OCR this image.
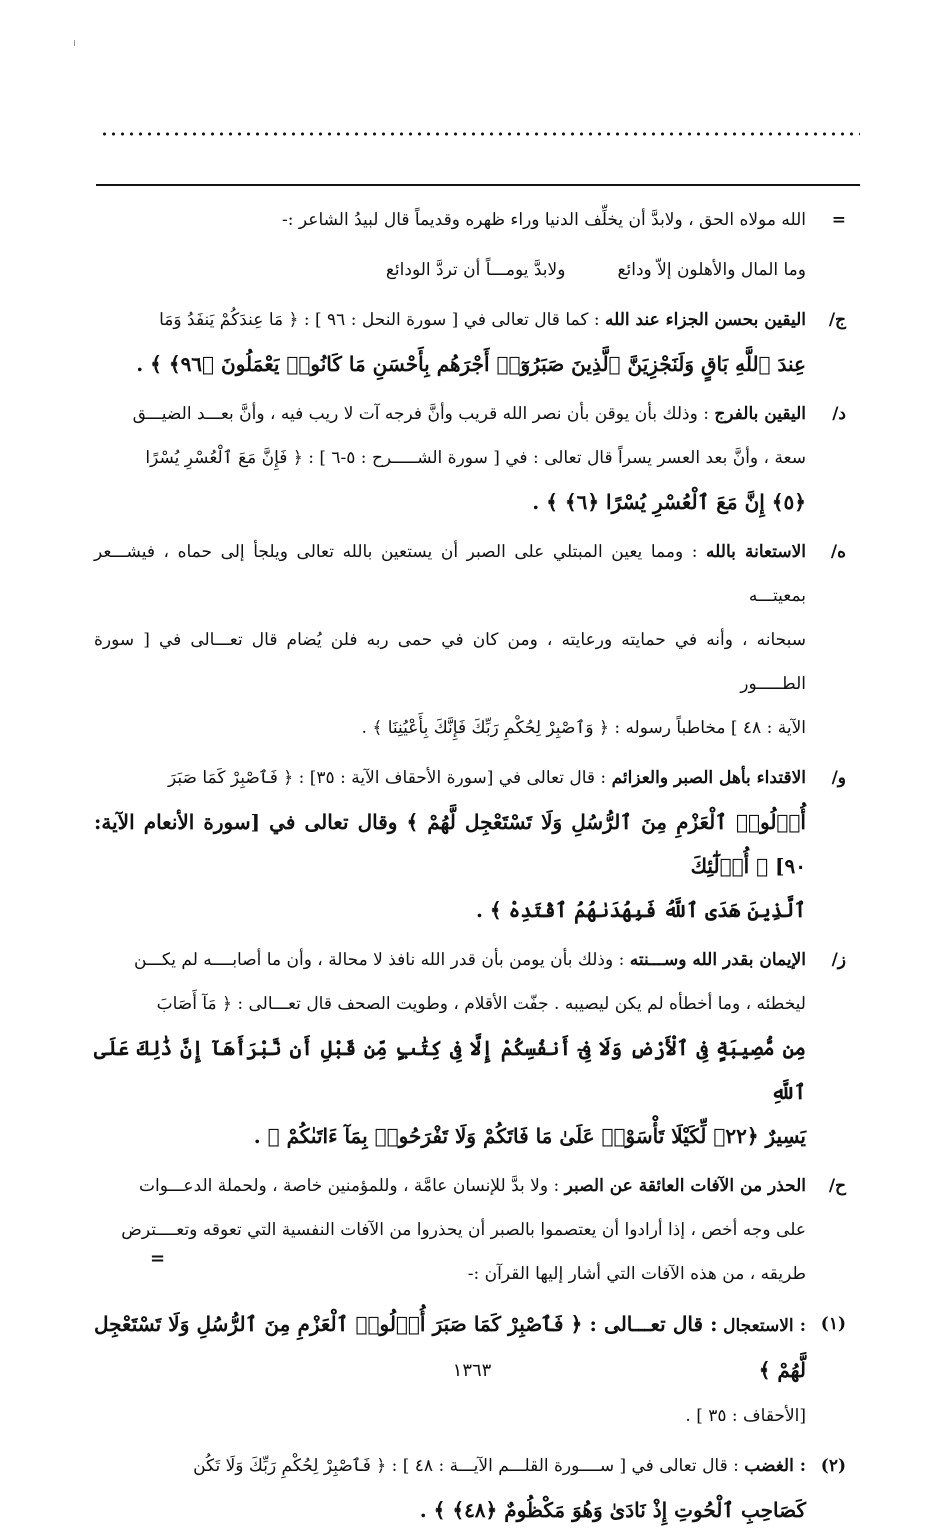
=
الله مولاه الحق ، ولابدَّ أن يخلِّف الدنيا وراء ظهره وقديماً قال لبيدُ الشاعر :-
وما المال والأهلون إلاّ ودائع
ولابدَّ يومـــاً أن تردَّ الودائع
ج/
اليقين بحسن الجزاء عند الله : كما قال تعالى في [ سورة النحل : ٩٦ ] : ﴿ مَا عِندَكُمْ يَنفَدُ وَمَا
عِندَ ٱللَّهِ بَاقٍ وَلَنَجْزِيَنَّ ٱلَّذِينَ صَبَرُوٓا۟ أَجْرَهُم بِأَحْسَنِ مَا كَانُوا۟ يَعْمَلُونَ ﴿٩٦﴾ ﴾ .
د/
اليقين بالفرج : وذلك بأن يوقن بأن نصر الله قريب وأنَّ فرجه آت لا ريب فيه ، وأنَّ بعـــد الضيـــق
سعة ، وأنَّ بعد العسر يسراً قال تعالى : في [ سورة الشـــــرح : ٥-٦ ] : ﴿ فَإِنَّ مَعَ ٱلْعُسْرِ يُسْرًا
﴿٥﴾ إِنَّ مَعَ ٱلْعُسْرِ يُسْرًا ﴿٦﴾ ﴾ .
ه/
الاستعانة بالله : ومما يعين المبتلي على الصبر أن يستعين بالله تعالى ويلجأ إلى حماه ، فيشـــعر بمعيتـــه
سبحانه ، وأنه في حمايته ورعايته ، ومن كان في حمى ربه فلن يُضام قال تعـــالى في [ سورة الطـــــور
الآية : ٤٨ ] مخاطباً رسوله : ﴿ وَٱصْبِرْ لِحُكْمِ رَبِّكَ فَإِنَّكَ بِأَعْيُنِنَا ﴾ .
و/
الاقتداء بأهل الصبر والعزائم : قال تعالى في [سورة الأحقاف الآية : ٣٥] : ﴿ فَٱصْبِرْ كَمَا صَبَرَ
أُو۟لُوا۟ ٱلْعَزْمِ مِنَ ٱلرُّسُلِ وَلَا تَسْتَعْجِل لَّهُمْ ﴾ وقال تعالى في [سورة الأنعام الآية: ٩٠] ﴿ أُو۟لَٰٓئِكَ
ٱلَّذِينَ هَدَى ٱللَّهُ فَبِهُدَىٰهُمُ ٱقْتَدِهْ ﴾ .
ز/
الإيمان بقدر الله وســـنته : وذلك بأن يومن بأن قدر الله نافذ لا محالة ، وأن ما أصابــــه لم يكـــن
ليخطئه ، وما أخطأه لم يكن ليصيبه . جفّت الأقلام ، وطويت الصحف قال تعـــالى : ﴿ مَآ أَصَابَ
مِن مُّصِيبَةٍ فِى ٱلْأَرْضِ وَلَا فِىٓ أَنفُسِكُمْ إِلَّا فِى كِتَٰبٍ مِّن قَبْلِ أَن نَّبْرَأَهَآ إِنَّ ذَٰلِكَ عَلَى ٱللَّهِ
يَسِيرٌ ﴿٢٢﴾ لِّكَيْلَا تَأْسَوْا۟ عَلَىٰ مَا فَاتَكُمْ وَلَا تَفْرَحُوا۟ بِمَآ ءَاتَىٰكُمْ ﴾ .
ح/
الحذر من الآفات العائقة عن الصبر : ولا بدَّ للإنسان عامَّة ، وللمؤمنين خاصة ، ولحملة الدعـــوات
على وجه أخص ، إذا أرادوا أن يعتصموا بالصبر أن يحذروا من الآفات النفسية التي تعوقه وتعــــترض
طريقه ، من هذه الآفات التي أشار إليها القرآن :-
(١)
: الاستعجال : قال تعـــالى : ﴿ فَٱصْبِرْ كَمَا صَبَرَ أُو۟لُوا۟ ٱلْعَزْمِ مِنَ ٱلرُّسُلِ وَلَا تَسْتَعْجِل لَّهُمْ ﴾
[الأحقاف : ٣٥ ] .
(٢)
: الغضب : قال تعالى في [ ســــورة القلـــم الآيـــة : ٤٨ ] : ﴿ فَٱصْبِرْ لِحُكْمِ رَبِّكَ وَلَا تَكُن
كَصَاحِبِ ٱلْحُوتِ إِذْ نَادَىٰ وَهُوَ مَكْظُومٌ ﴿٤٨﴾ ﴾ .
=
١٣٦٣
